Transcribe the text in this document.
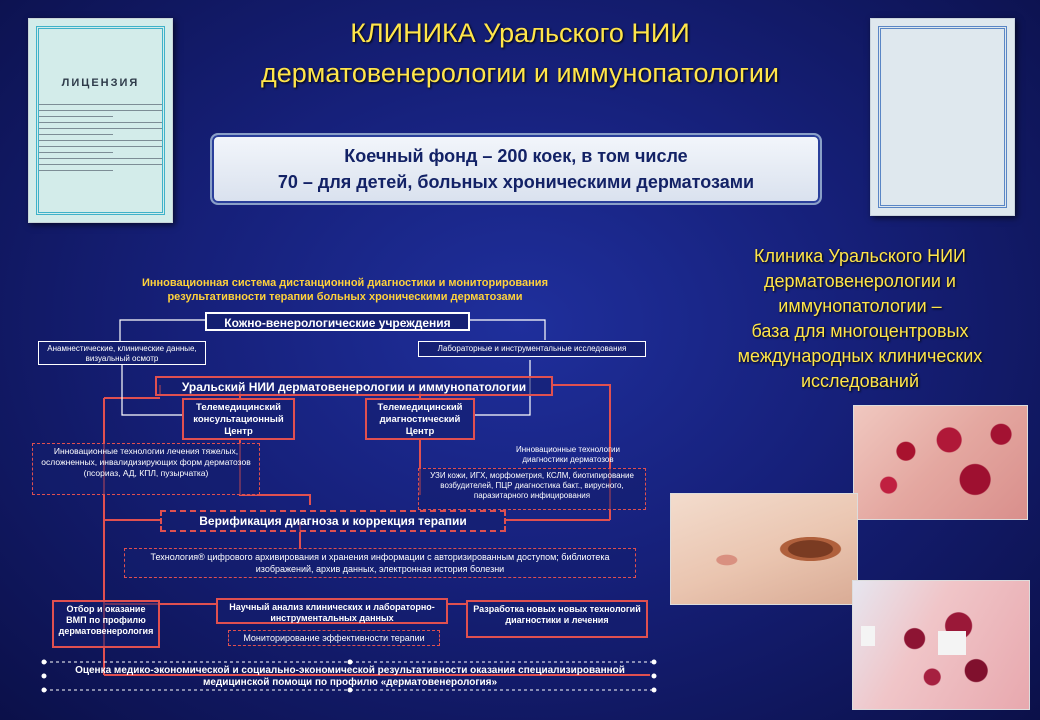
КЛИНИКА Уральского НИИ
дерматовенерологии и иммунопатологии
ЛИЦЕНЗИЯ
Коечный фонд – 200 коек, в том числе
70 – для детей, больных хроническими дерматозами
Клиника Уральского НИИ
дерматовенерологии и
иммунопатологии –
база для многоцентровых
международных клинических
исследований
Инновационная система дистанционной диагностики и мониторирования
результативности терапии больных хроническими дерматозами
Кожно-венерологические учреждения
Анамнестические, клинические данные, визуальный осмотр
Лабораторные и инструментальные исследования
Уральский НИИ дерматовенерологии и иммунопатологии
Телемедицинский консультационный Центр
Телемедицинский диагностический Центр
Инновационные технологии лечения тяжелых, осложненных, инвалидизирующих форм дерматозов
(псориаз, АД, КПЛ, пузырчатка)
Инновационные технологии диагностики дерматозов
УЗИ кожи, ИГХ, морфометрия, КСЛМ, биотипирование возбудителей, ПЦР диагностика бакт., вирусного, паразитарного инфицирования
Верификация диагноза и коррекция терапии
Технология® цифрового архивирования и хранения информации с авторизированным доступом; библиотека изображений, архив данных, электронная история болезни
Отбор и оказание ВМП по профилю дерматовенерология
Научный анализ клинических и лабораторно-инструментальных данных
Мониторирование эффективности терапии
Разработка новых новых технологий диагностики и лечения
Оценка медико-экономической и социально-экономической результативности оказания специализированной медицинской помощи по профилю «дерматовенерология»
